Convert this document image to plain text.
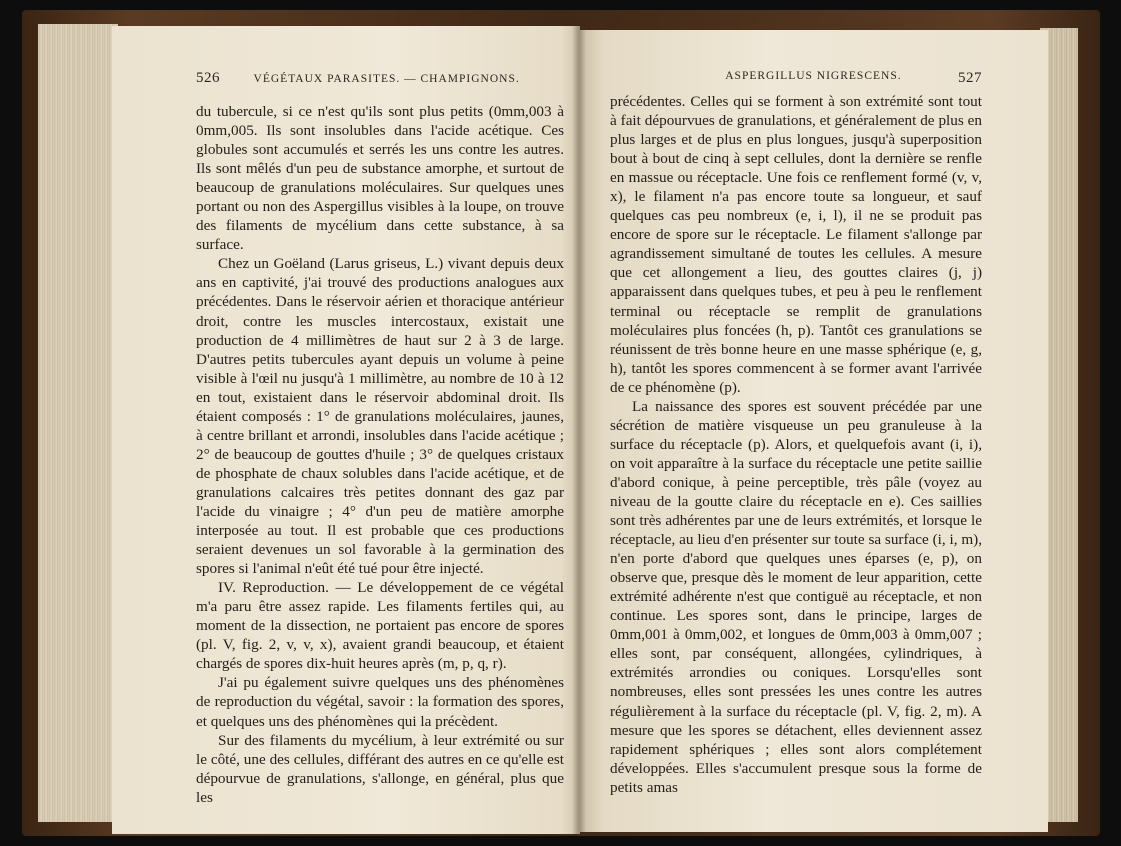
526	VÉGÉTAUX PARASITES. — CHAMPIGNONS.

du tubercule, si ce n'est qu'ils sont plus petits (0mm,003 à 0mm,005. Ils sont insolubles dans l'acide acétique. Ces globules sont accumulés et serrés les uns contre les autres. Ils sont mêlés d'un peu de substance amorphe, et surtout de beaucoup de granulations moléculaires. Sur quelques unes portant ou non des Aspergillus visibles à la loupe, on trouve des filaments de mycélium dans cette substance, à sa surface.

Chez un Goëland (Larus griseus, L.) vivant depuis deux ans en captivité, j'ai trouvé des productions analogues aux précédentes. Dans le réservoir aérien et thoracique antérieur droit, contre les muscles intercostaux, existait une production de 4 millimètres de haut sur 2 à 3 de large. D'autres petits tubercules ayant depuis un volume à peine visible à l'œil nu jusqu'à 1 millimètre, au nombre de 10 à 12 en tout, existaient dans le réservoir abdominal droit. Ils étaient composés : 1° de granulations moléculaires, jaunes, à centre brillant et arrondi, insolubles dans l'acide acétique ; 2° de beaucoup de gouttes d'huile ; 3° de quelques cristaux de phosphate de chaux solubles dans l'acide acétique, et de granulations calcaires très petites donnant des gaz par l'acide du vinaigre ; 4° d'un peu de matière amorphe interposée au tout. Il est probable que ces productions seraient devenues un sol favorable à la germination des spores si l'animal n'eût été tué pour être injecté.

IV. Reproduction. — Le développement de ce végétal m'a paru être assez rapide. Les filaments fertiles qui, au moment de la dissection, ne portaient pas encore de spores (pl. V, fig. 2, v, v, x), avaient grandi beaucoup, et étaient chargés de spores dix-huit heures après (m, p, q, r).

J'ai pu également suivre quelques uns des phénomènes de reproduction du végétal, savoir : la formation des spores, et quelques uns des phénomènes qui la précèdent.

Sur des filaments du mycélium, à leur extrémité ou sur le côté, une des cellules, différant des autres en ce qu'elle est dépourvue de granulations, s'allonge, en général, plus que les

ASPERGILLUS NIGRESCENS.	527

précédentes. Celles qui se forment à son extrémité sont tout à fait dépourvues de granulations, et généralement de plus en plus larges et de plus en plus longues, jusqu'à superposition bout à bout de cinq à sept cellules, dont la dernière se renfle en massue ou réceptacle. Une fois ce renflement formé (v, v, x), le filament n'a pas encore toute sa longueur, et sauf quelques cas peu nombreux (e, i, l), il ne se produit pas encore de spore sur le réceptacle. Le filament s'allonge par agrandissement simultané de toutes les cellules. A mesure que cet allongement a lieu, des gouttes claires (j, j) apparaissent dans quelques tubes, et peu à peu le renflement terminal ou réceptacle se remplit de granulations moléculaires plus foncées (h, p). Tantôt ces granulations se réunissent de très bonne heure en une masse sphérique (e, g, h), tantôt les spores commencent à se former avant l'arrivée de ce phénomène (p).

La naissance des spores est souvent précédée par une sécrétion de matière visqueuse un peu granuleuse à la surface du réceptacle (p). Alors, et quelquefois avant (i, i), on voit apparaître à la surface du réceptacle une petite saillie d'abord conique, à peine perceptible, très pâle (voyez au niveau de la goutte claire du réceptacle en e). Ces saillies sont très adhérentes par une de leurs extrémités, et lorsque le réceptacle, au lieu d'en présenter sur toute sa surface (i, i, m), n'en porte d'abord que quelques unes éparses (e, p), on observe que, presque dès le moment de leur apparition, cette extrémité adhérente n'est que contiguë au réceptacle, et non continue. Les spores sont, dans le principe, larges de 0mm,001 à 0mm,002, et longues de 0mm,003 à 0mm,007 ; elles sont, par conséquent, allongées, cylindriques, à extrémités arrondies ou coniques. Lorsqu'elles sont nombreuses, elles sont pressées les unes contre les autres régulièrement à la surface du réceptacle (pl. V, fig. 2, m). A mesure que les spores se détachent, elles deviennent assez rapidement sphériques ; elles sont alors complétement développées. Elles s'accumulent presque sous la forme de petits amas
